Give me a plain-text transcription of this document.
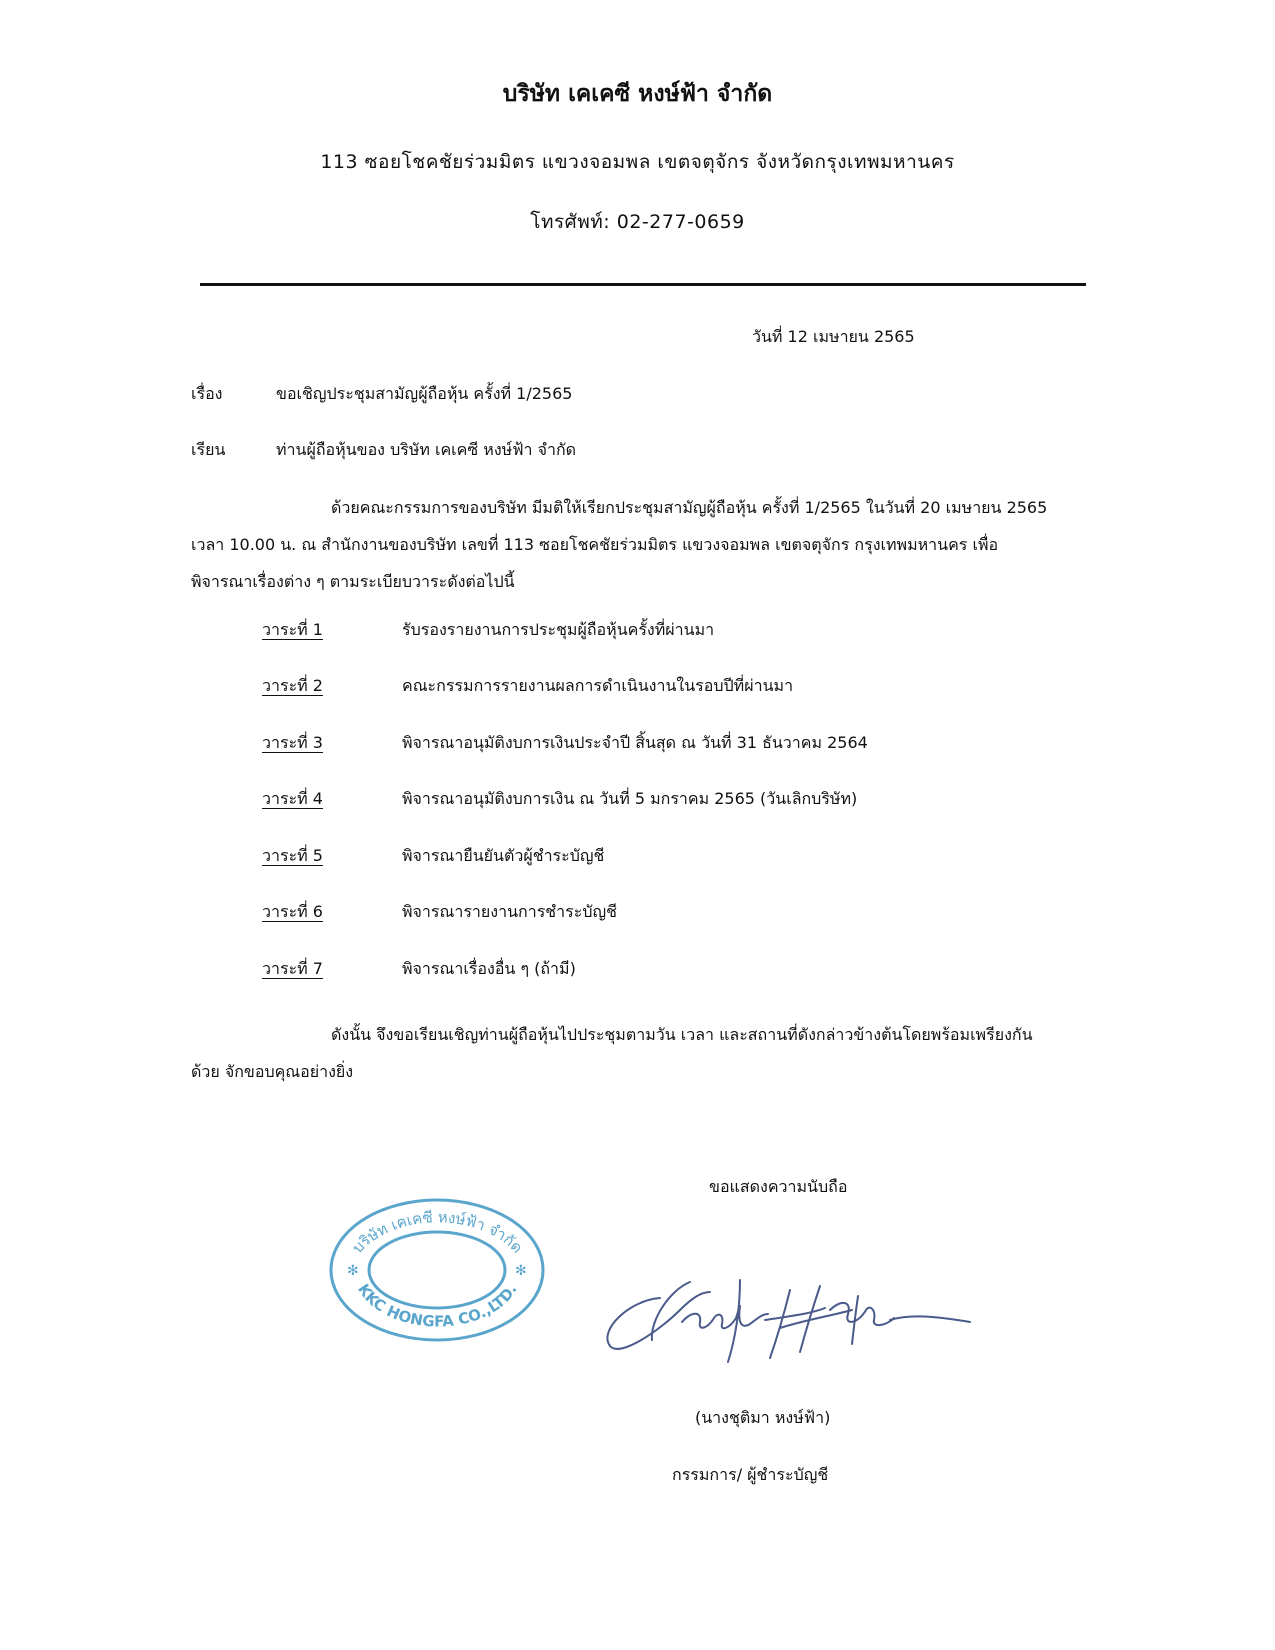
บริษัท เคเคซี หงษ์ฟ้า จำกัด
113 ซอยโชคชัยร่วมมิตร แขวงจอมพล เขตจตุจักร จังหวัดกรุงเทพมหานคร
โทรศัพท์: 02-277-0659
วันที่ 12 เมษายน 2565
เรื่อง	ขอเชิญประชุมสามัญผู้ถือหุ้น ครั้งที่ 1/2565
เรียน	ท่านผู้ถือหุ้นของ บริษัท เคเคซี หงษ์ฟ้า จำกัด
ด้วยคณะกรรมการของบริษัท มีมติให้เรียกประชุมสามัญผู้ถือหุ้น ครั้งที่ 1/2565 ในวันที่ 20 เมษายน 2565 เวลา 10.00 น. ณ สำนักงานของบริษัท เลขที่ 113 ซอยโชคชัยร่วมมิตร แขวงจอมพล เขตจตุจักร กรุงเทพมหานคร เพื่อพิจารณาเรื่องต่าง ๆ ตามระเบียบวาระดังต่อไปนี้
วาระที่ 1	รับรองรายงานการประชุมผู้ถือหุ้นครั้งที่ผ่านมา
วาระที่ 2	คณะกรรมการรายงานผลการดำเนินงานในรอบปีที่ผ่านมา
วาระที่ 3	พิจารณาอนุมัติงบการเงินประจำปี สิ้นสุด ณ วันที่ 31 ธันวาคม 2564
วาระที่ 4	พิจารณาอนุมัติงบการเงิน ณ วันที่ 5 มกราคม 2565 (วันเลิกบริษัท)
วาระที่ 5	พิจารณายืนยันตัวผู้ชำระบัญชี
วาระที่ 6	พิจารณารายงานการชำระบัญชี
วาระที่ 7	พิจารณาเรื่องอื่น ๆ (ถ้ามี)
ดังนั้น จึงขอเรียนเชิญท่านผู้ถือหุ้นไปประชุมตามวัน เวลา และสถานที่ดังกล่าวข้างต้นโดยพร้อมเพรียงกันด้วย จักขอบคุณอย่างยิ่ง
ขอแสดงความนับถือ
บริษัท เคเคซี หงษ์ฟ้า จำกัด
KKC HONGFA CO.,LTD.
✻	✻
(นางชุติมา หงษ์ฟ้า)
กรรมการ/ ผู้ชำระบัญชี
